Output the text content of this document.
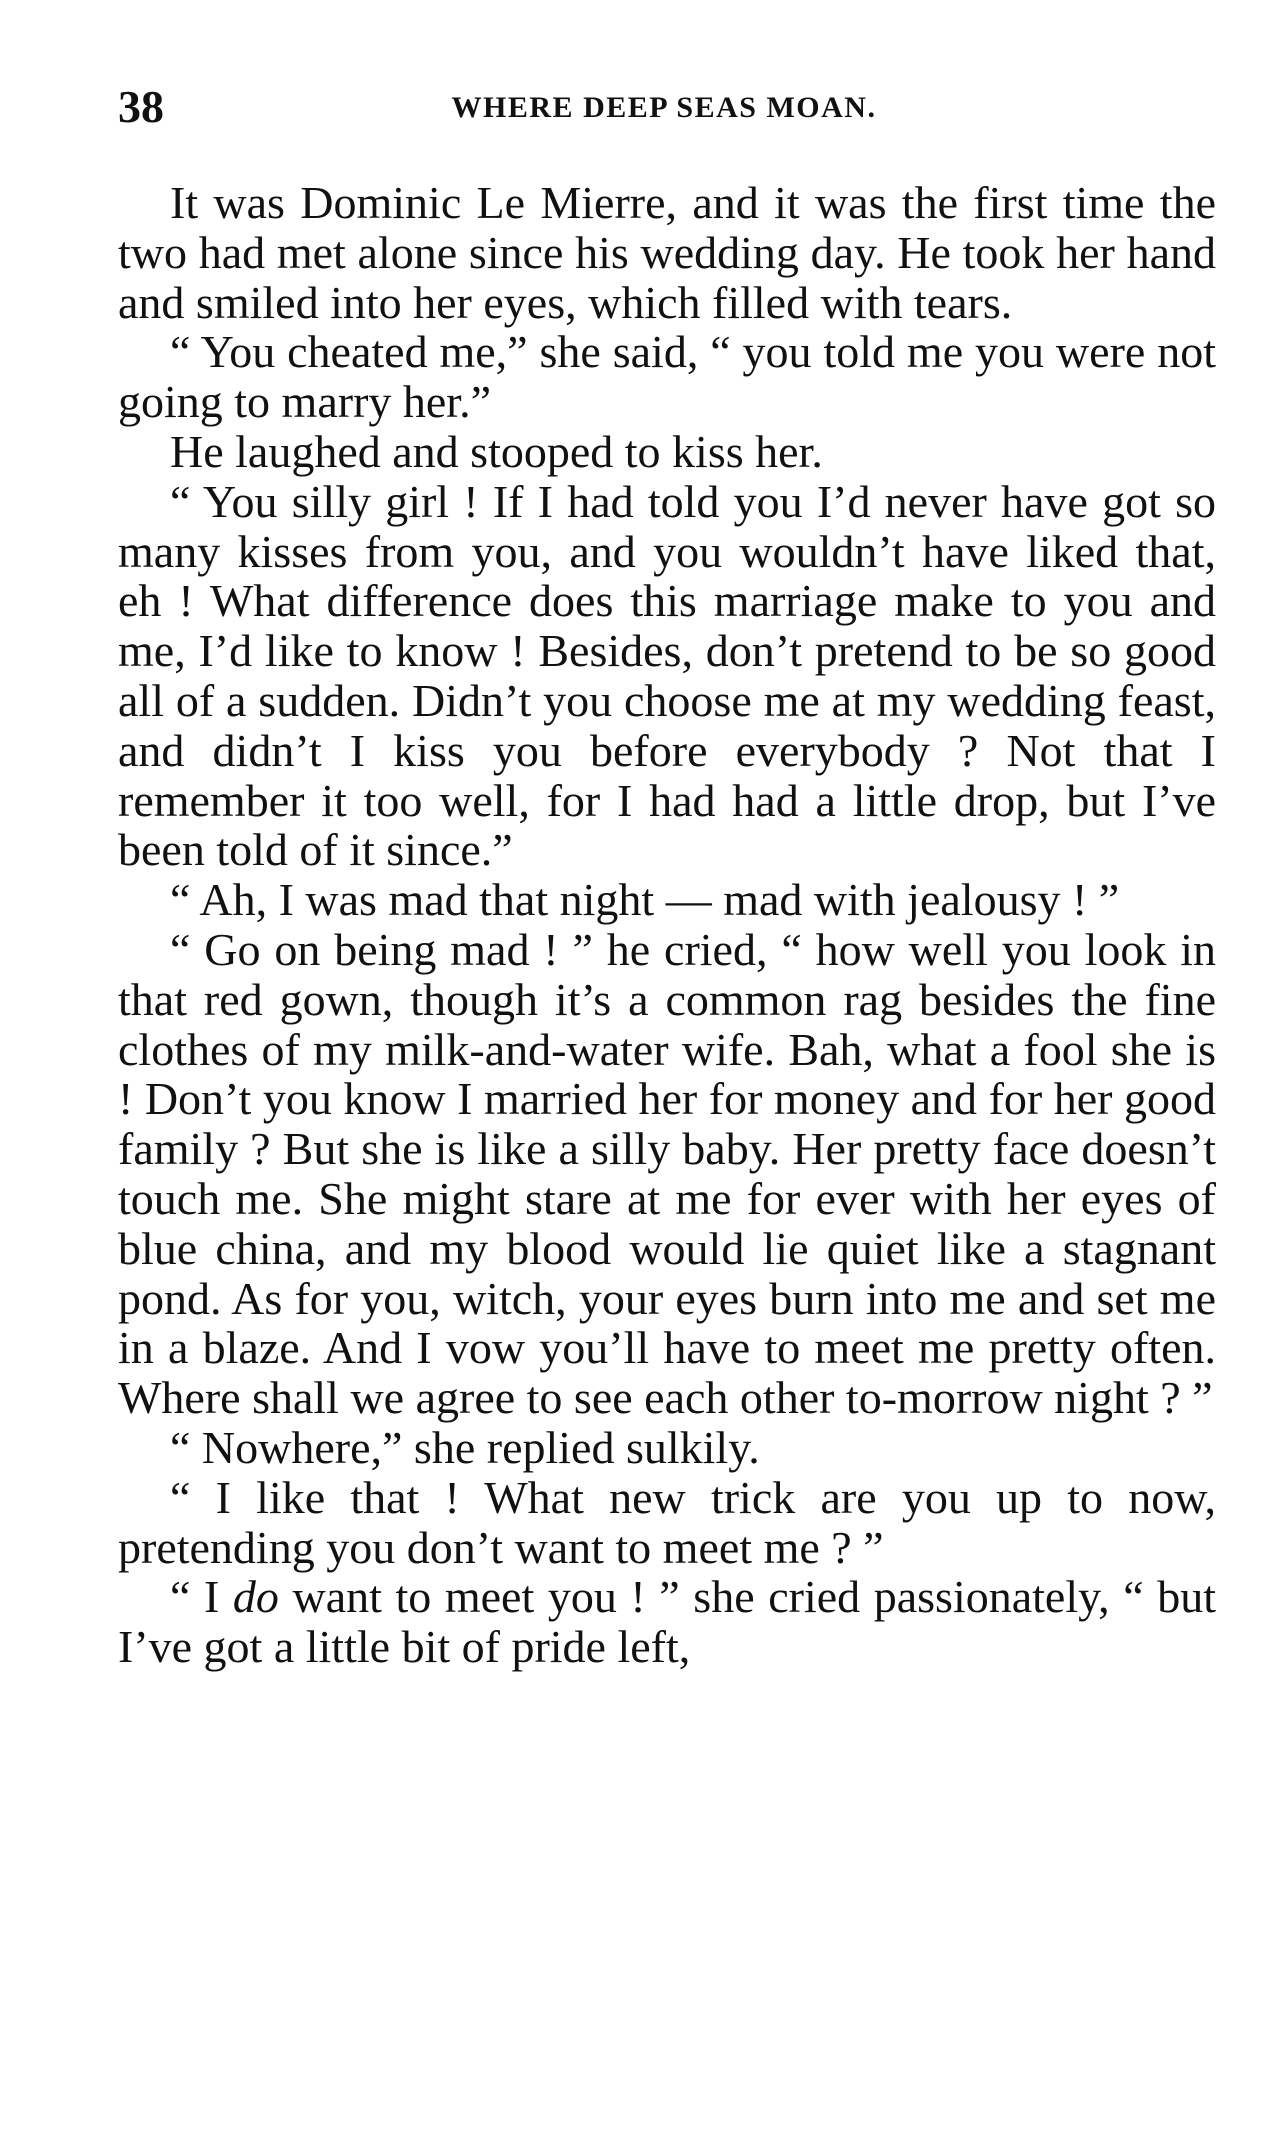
38	WHERE DEEP SEAS MOAN.

It was Dominic Le Mierre, and it was the first time the two had met alone since his wedding day. He took her hand and smiled into her eyes, which filled with tears.

“ You cheated me,” she said, “ you told me you were not going to marry her.”

He laughed and stooped to kiss her.

“ You silly girl ! If I had told you I’d never have got so many kisses from you, and you wouldn’t have liked that, eh ! What difference does this marriage make to you and me, I’d like to know ! Besides, don’t pretend to be so good all of a sudden. Didn’t you choose me at my wedding feast, and didn’t I kiss you before everybody ? Not that I remember it too well, for I had had a little drop, but I’ve been told of it since.”

“ Ah, I was mad that night — mad with jealousy ! ”

“ Go on being mad ! ” he cried, “ how well you look in that red gown, though it’s a common rag besides the fine clothes of my milk-and-water wife. Bah, what a fool she is ! Don’t you know I married her for money and for her good family ? But she is like a silly baby. Her pretty face doesn’t touch me. She might stare at me for ever with her eyes of blue china, and my blood would lie quiet like a stagnant pond. As for you, witch, your eyes burn into me and set me in a blaze. And I vow you’ll have to meet me pretty often. Where shall we agree to see each other to-morrow night ? ”

“ Nowhere,” she replied sulkily.

“ I like that ! What new trick are you up to now, pretending you don’t want to meet me ? ”

“ I do want to meet you ! ” she cried passionately, “ but I’ve got a little bit of pride left,
